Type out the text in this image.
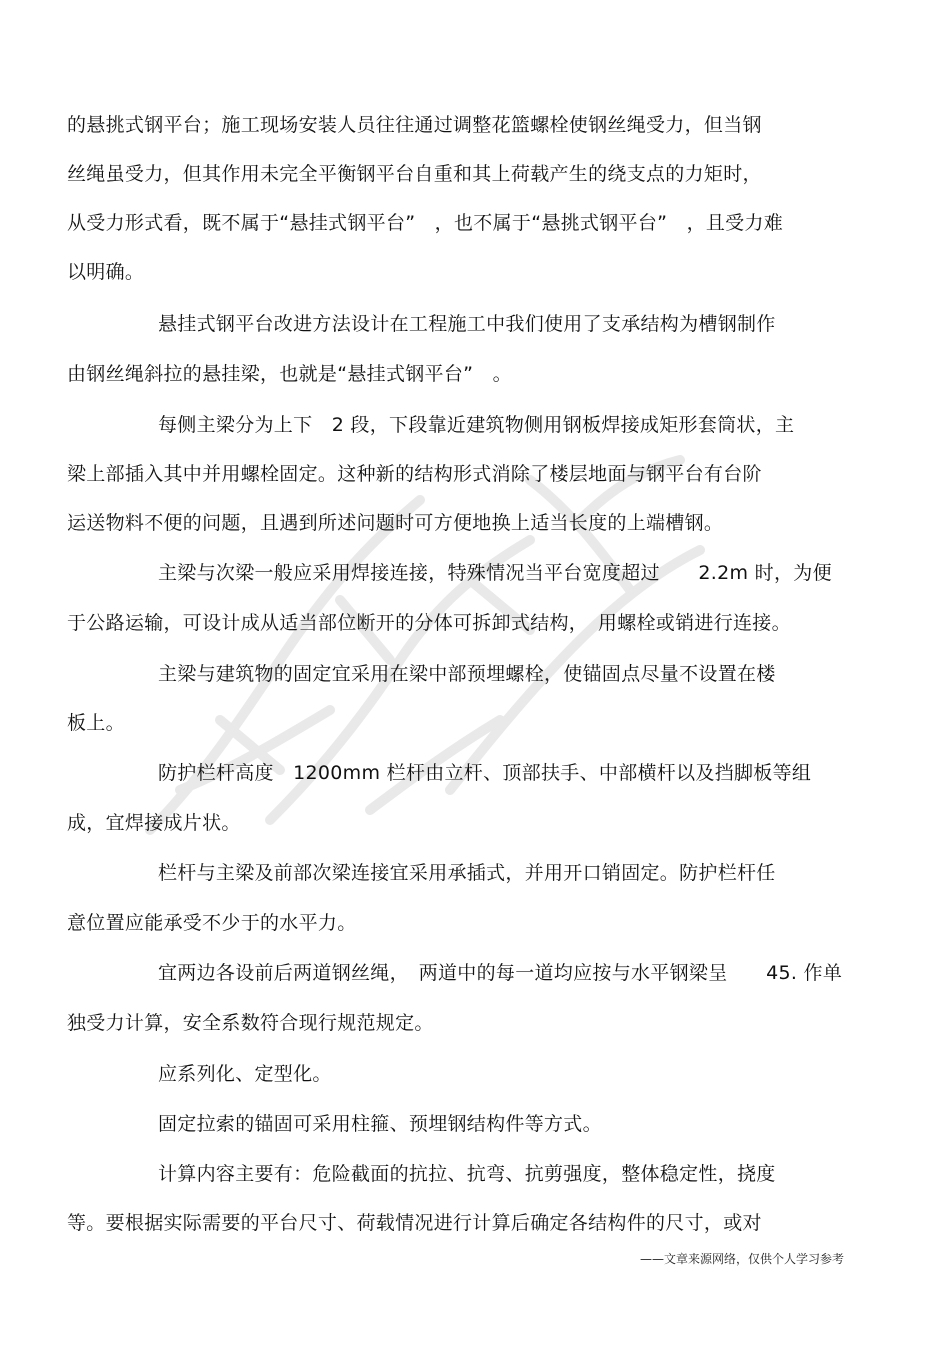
的悬挑式钢平台；施工现场安装人员往往通过调整花篮螺栓使钢丝绳受力，但当钢
丝绳虽受力，但其作用未完全平衡钢平台自重和其上荷载产生的绕支点的力矩时，
从受力形式看，既不属于“悬挂式钢平台”　，也不属于“悬挑式钢平台”　，且受力难
以明确。
悬挂式钢平台改进方法设计在工程施工中我们使用了支承结构为槽钢制作
由钢丝绳斜拉的悬挂梁，也就是“悬挂式钢平台”　。
每侧主梁分为上下　2 段，下段靠近建筑物侧用钢板焊接成矩形套筒状，主
梁上部插入其中并用螺栓固定。这种新的结构形式消除了楼层地面与钢平台有台阶
运送物料不便的问题，且遇到所述问题时可方便地换上适当长度的上端槽钢。
主梁与次梁一般应采用焊接连接，特殊情况当平台宽度超过　　2.2m 时，为便
于公路运输，可设计成从适当部位断开的分体可拆卸式结构，　用螺栓或销进行连接。
主梁与建筑物的固定宜采用在梁中部预埋螺栓，使锚固点尽量不设置在楼
板上。
防护栏杆高度　1200mm 栏杆由立杆、顶部扶手、中部横杆以及挡脚板等组
成，宜焊接成片状。
栏杆与主梁及前部次梁连接宜采用承插式，并用开口销固定。防护栏杆任
意位置应能承受不少于的水平力。
宜两边各设前后两道钢丝绳，　两道中的每一道均应按与水平钢梁呈　　45. 作单
独受力计算，安全系数符合现行规范规定。
应系列化、定型化。
固定拉索的锚固可采用柱箍、预埋钢结构件等方式。
计算内容主要有：危险截面的抗拉、抗弯、抗剪强度，整体稳定性，挠度
等。要根据实际需要的平台尺寸、荷载情况进行计算后确定各结构件的尺寸，或对
——文章来源网络，仅供个人学习参考
